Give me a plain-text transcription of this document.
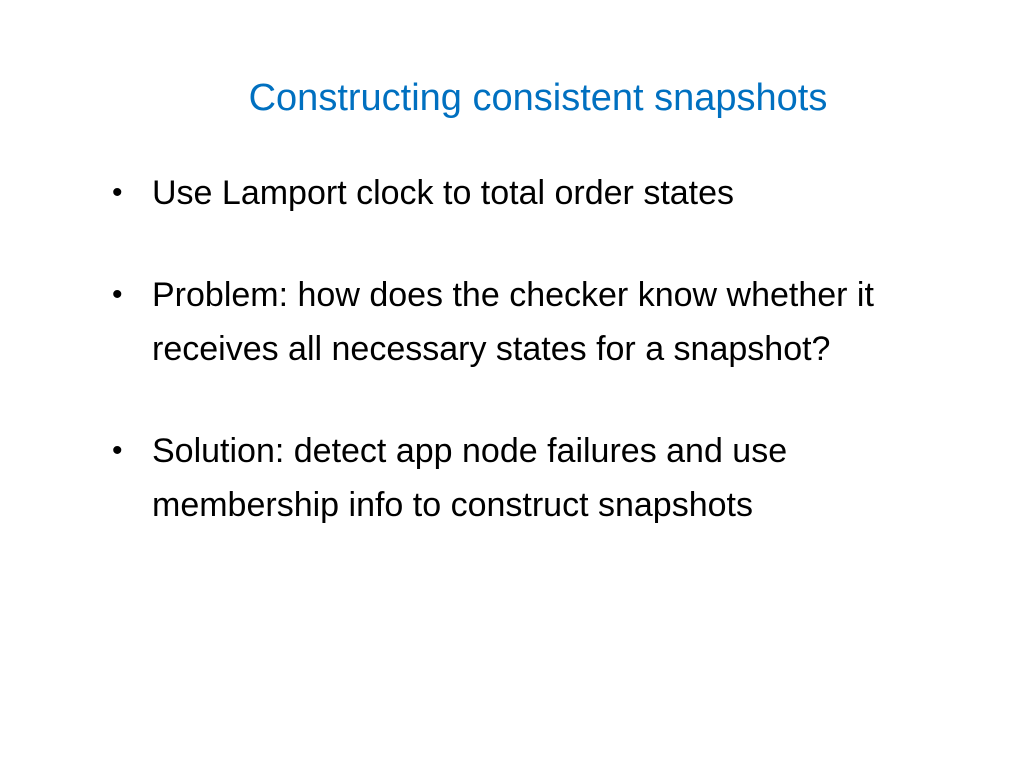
Constructing consistent snapshots
• Use Lamport clock to total order states
• Problem: how does the checker know whether it receives all necessary states for a snapshot?
• Solution: detect app node failures and use membership info to construct snapshots
